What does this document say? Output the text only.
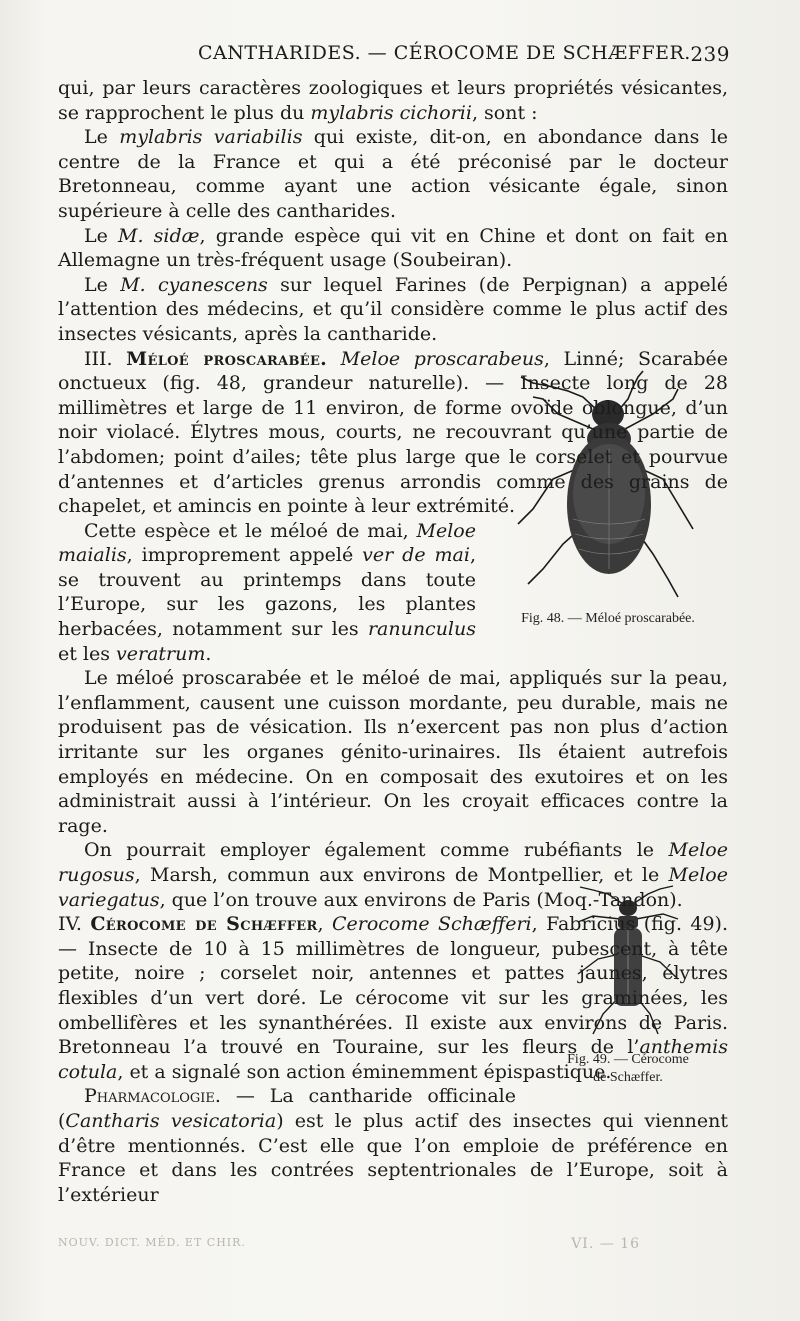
CANTHARIDES. — CÉROCOME DE SCHÆFFER. 239

qui, par leurs caractères zoologiques et leurs propriétés vésicantes, se rapprochent le plus du mylabris cichorii, sont :

Le mylabris variabilis qui existe, dit-on, en abondance dans le centre de la France et qui a été préconisé par le docteur Bretonneau, comme ayant une action vésicante égale, sinon supérieure à celle des cantharides.

Le M. sidæ, grande espèce qui vit en Chine et dont on fait en Allemagne un très-fréquent usage (Soubeiran).

Le M. cyanescens sur lequel Farines (de Perpignan) a appelé l’attention des médecins, et qu’il considère comme le plus actif des insectes vésicants, après la cantharide.

III. Méloé proscarabée. Meloe proscarabeus, Linné; Scarabée onctueux (fig. 48, grandeur naturelle). — Insecte long de 28 millimètres et large de 11 environ, de forme ovoïde oblongue, d’un noir violacé. Élytres mous, courts, ne recouvrant qu’une partie de l’abdomen; point d’ailes; tête plus large que le corselet et pourvue d’antennes et d’articles grenus arrondis comme des grains de chapelet, et amincis en pointe à leur extrémité.

Fig. 48. — Méloé proscarabée.

Cette espèce et le méloé de mai, Meloe maialis, improprement appelé ver de mai, se trouvent au printemps dans toute l’Europe, sur les gazons, les plantes herbacées, notamment sur les ranunculus et les veratrum.

Le méloé proscarabée et le méloé de mai, appliqués sur la peau, l’enflamment, causent une cuisson mordante, peu durable, mais ne produisent pas de vésication. Ils n’exercent pas non plus d’action irritante sur les organes génito-urinaires. Ils étaient autrefois employés en médecine. On en composait des exutoires et on les administrait aussi à l’intérieur. On les croyait efficaces contre la rage.

On pourrait employer également comme rubéfiants le Meloe rugosus, Marsh, commun aux environs de Montpellier, et le Meloe variegatus, que l’on trouve aux environs de Paris (Moq.-Tandon).

IV. Cérocome de Schæffer, Cerocome Schæfferi, Fabricius (fig. 49). — Insecte de 10 à 15 millimètres de longueur, pubescent, à tête petite, noire ; corselet noir, antennes et pattes jaunes, élytres flexibles d’un vert doré. Le cérocome vit sur les graminées, les ombellifères et les synanthérées. Il existe aux environs de Paris. Bretonneau l’a trouvé en Touraine, sur les fleurs de l’anthemis cotula, et a signalé son action éminemment épispastique.

Fig. 49. — Cérocome
de Schæffer.

Pharmacologie. — La cantharide officinale (Cantharis vesicatoria) est le plus actif des insectes qui viennent d’être mentionnés. C’est elle que l’on emploie de préférence en France et dans les contrées septentrionales de l’Europe, soit à l’extérieur

NOUV. DICT. MÉD. ET CHIR.	VI. — 16
